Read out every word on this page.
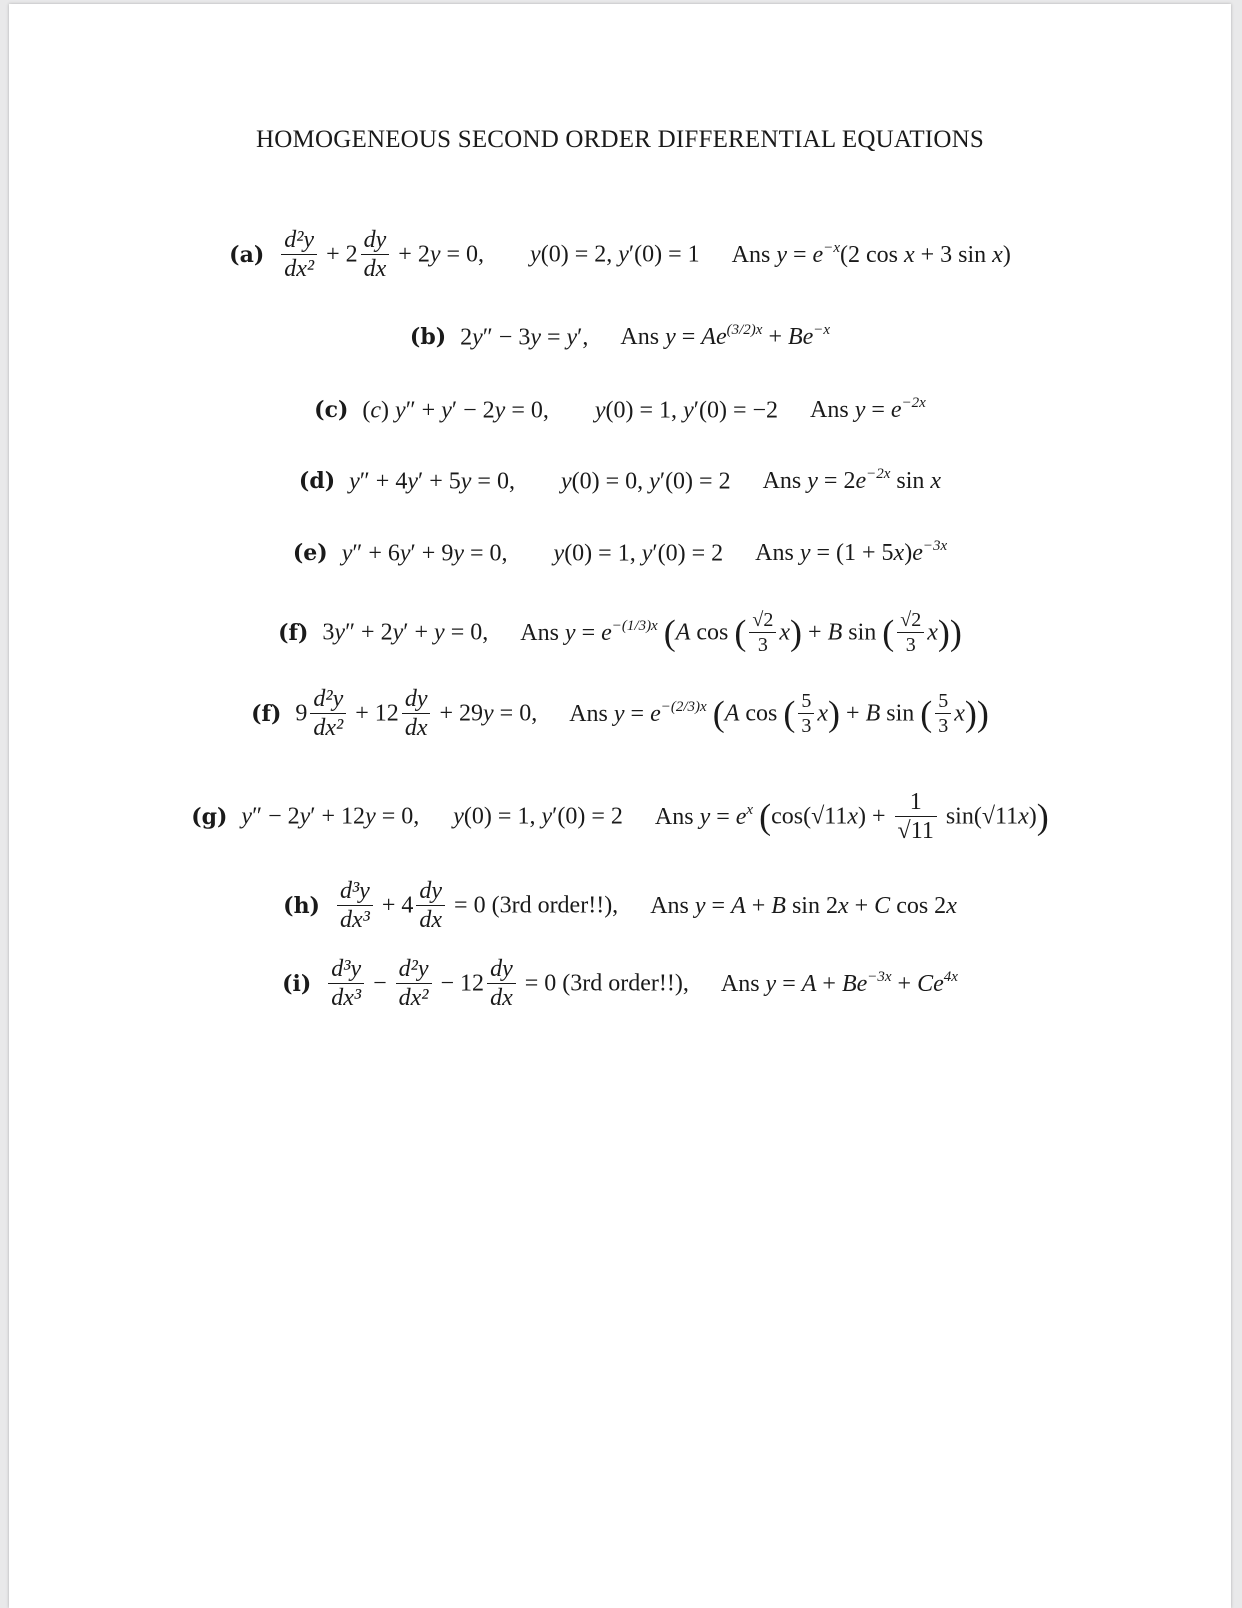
HOMOGENEOUS SECOND ORDER DIFFERENTIAL EQUATIONS
$(a) \frac{\text{d²y}}{\text{dx²}} + 2 \frac{dy}{dx} + 2y = 0$, y(0) = 2, y′(0) = 1 Ans $y = e^{-x}(2$ cos x + 3 sin x)
(b) 2y″ − 3y = y′, Ans $y = Ae^{(3/2)x} + Be^{-x}$
(c) (c) y″ + y′ − 2y = 0, y(0) = 1, y′(0) = −2 Ans $y = e^{-2x}$
(d) y″ + 4y′ + 5y = 0, y(0) = 0, y′(0) = 2 Ans $y = 2e^{-2x}$ sin x
(e) y″ + 6y′ + 9y = 0, y(0) = 1, y′(0) = 2 Ans $y = (1 + 5x)e^{-3x}$
(f) 3y″ + 2y′ + y = 0, Ans $y = e^{-(1/3)x}$ (A cos ( $\frac{√2}{3} x) + B$ sin ( $\frac{√2}{3} x$))
(f) $9 \frac{\text{d²y}}{\text{dx²}} + 12 \frac{dy}{dx} + 29y = 0$, Ans $y = e^{-(2/3)x}$ (A cos ( $\frac{5}{3} x) + B$ sin ( $\frac{5}{3} x$))
(g) y″ − 2y′ + 12y = 0, y(0) = 1, y′(0) = 2 Ans $y = e^x$ $(\cos(√11x) + \frac{1}{√11} \sin(√11x))$
$(h) \frac{\text{d³y}}{\text{dx³}} + 4 \frac{dy}{dx} = 0$ (3rd order!!), Ans y = A + B sin 2x + C cos 2x
$(i) \frac{\text{d³y}}{\text{dx³}} - \frac{\text{d²y}}{\text{dx²}} - 12 \frac{dy}{dx} = 0$ (3rd order!!), Ans $y = A + Be^{-3x} + Ce^{4x}$
